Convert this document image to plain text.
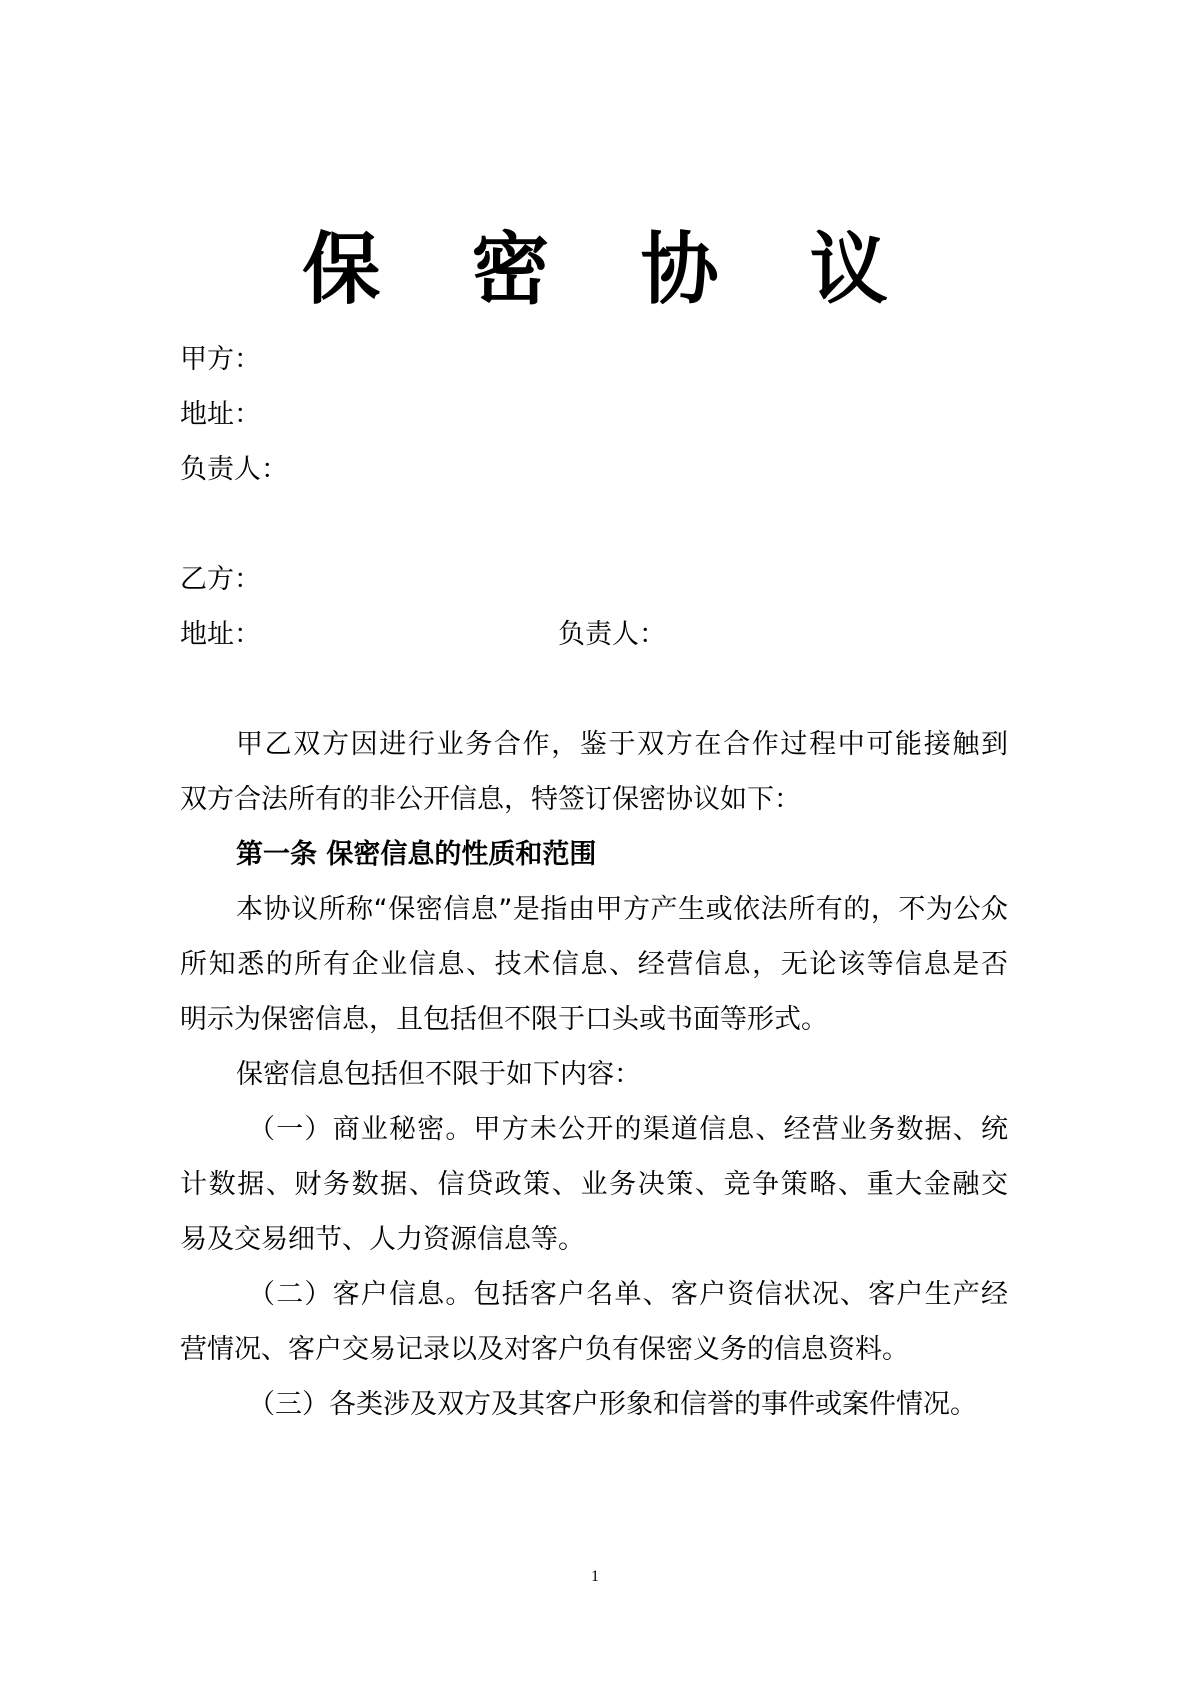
保 密 协 议
甲方：
地址：
负责人：
乙方：
地址：	负责人：
甲乙双方因进行业务合作，鉴于双方在合作过程中可能接触到
双方合法所有的非公开信息，特签订保密协议如下：
第一条 保密信息的性质和范围
本协议所称“保密信息”是指由甲方产生或依法所有的，不为公众
所知悉的所有企业信息、技术信息、经营信息，无论该等信息是否
明示为保密信息，且包括但不限于口头或书面等形式。
保密信息包括但不限于如下内容：
（一）商业秘密。甲方未公开的渠道信息、经营业务数据、统
计数据、财务数据、信贷政策、业务决策、竞争策略、重大金融交
易及交易细节、人力资源信息等。
（二）客户信息。包括客户名单、客户资信状况、客户生产经
营情况、客户交易记录以及对客户负有保密义务的信息资料。
（三）各类涉及双方及其客户形象和信誉的事件或案件情况。
1
